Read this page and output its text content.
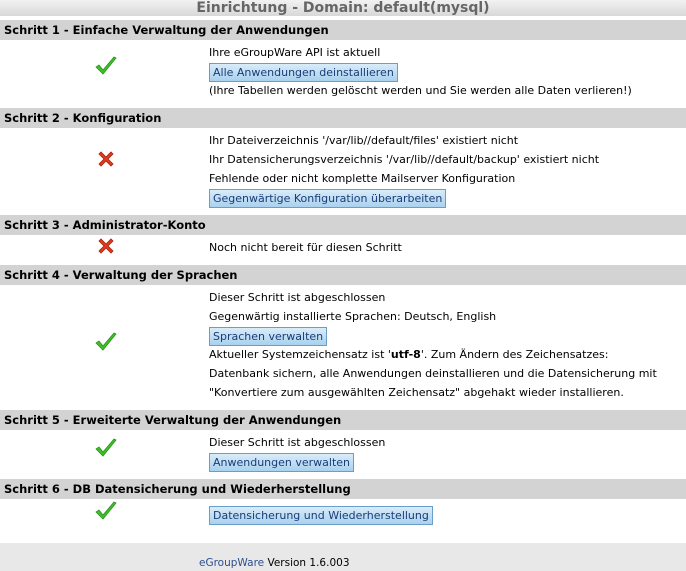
Einrichtung - Domain: default(mysql)
Schritt 1 - Einfache Verwaltung der Anwendungen
Ihre eGroupWare API ist aktuell
Alle Anwendungen deinstallieren
(Ihre Tabellen werden gelöscht werden und Sie werden alle Daten verlieren!)
Schritt 2 - Konfiguration
Ihr Dateiverzeichnis '/var/lib//default/files' existiert nicht
Ihr Datensicherungsverzeichnis '/var/lib//default/backup' existiert nicht
Fehlende oder nicht komplette Mailserver Konfiguration
Gegenwärtige Konfiguration überarbeiten
Schritt 3 - Administrator-Konto
Noch nicht bereit für diesen Schritt
Schritt 4 - Verwaltung der Sprachen
Dieser Schritt ist abgeschlossen
Gegenwärtig installierte Sprachen: Deutsch, English
Sprachen verwalten
Aktueller Systemzeichensatz ist 'utf-8'. Zum Ändern des Zeichensatzes:
Datenbank sichern, alle Anwendungen deinstallieren und die Datensicherung mit
"Konvertiere zum ausgewählten Zeichensatz" abgehakt wieder installieren.
Schritt 5 - Erweiterte Verwaltung der Anwendungen
Dieser Schritt ist abgeschlossen
Anwendungen verwalten
Schritt 6 - DB Datensicherung und Wiederherstellung
Datensicherung und Wiederherstellung
eGroupWare Version 1.6.003
